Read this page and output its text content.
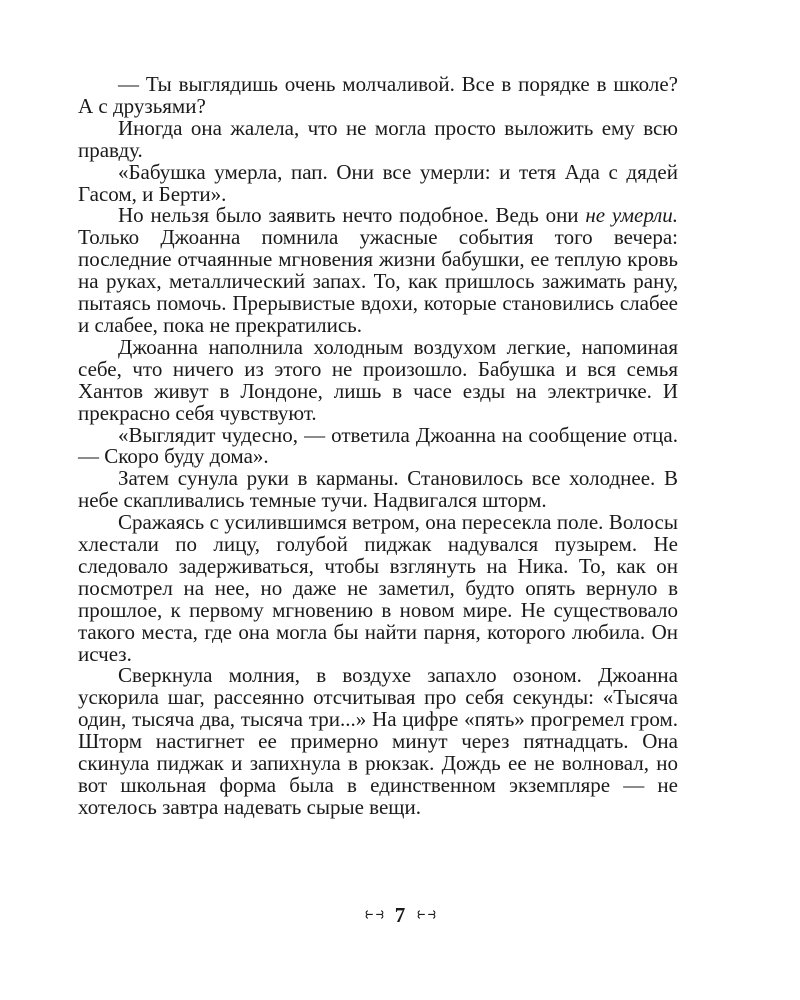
— Ты выглядишь очень молчаливой. Все в порядке в школе? А с друзьями?

Иногда она жалела, что не могла просто выложить ему всю правду.

«Бабушка умерла, пап. Они все умерли: и тетя Ада с дядей Гасом, и Берти».

Но нельзя было заявить нечто подобное. Ведь они не умерли. Только Джоанна помнила ужасные события того вечера: последние отчаянные мгновения жизни бабушки, ее теплую кровь на руках, металлический запах. То, как пришлось зажимать рану, пытаясь помочь. Прерывистые вдохи, которые становились слабее и слабее, пока не прекратились.

Джоанна наполнила холодным воздухом легкие, напоминая себе, что ничего из этого не произошло. Бабушка и вся семья Хантов живут в Лондоне, лишь в часе езды на электричке. И прекрасно себя чувствуют.

«Выглядит чудесно, — ответила Джоанна на сообщение отца. — Скоро буду дома».

Затем сунула руки в карманы. Становилось все холоднее. В небе скапливались темные тучи. Надвигался шторм.

Сражаясь с усилившимся ветром, она пересекла поле. Волосы хлестали по лицу, голубой пиджак надувался пузырем. Не следовало задерживаться, чтобы взглянуть на Ника. То, как он посмотрел на нее, но даже не заметил, будто опять вернуло в прошлое, к первому мгновению в новом мире. Не существовало такого места, где она могла бы найти парня, которого любила. Он исчез.

Сверкнула молния, в воздухе запахло озоном. Джоанна ускорила шаг, рассеянно отсчитывая про себя секунды: «Тысяча один, тысяча два, тысяча три...» На цифре «пять» прогремел гром. Шторм настигнет ее примерно минут через пятнадцать. Она скинула пиджак и запихнула в рюкзак. Дождь ее не волновал, но вот школьная форма была в единственном экземпляре — не хотелось завтра надевать сырые вещи.

⥼⥽ 7 ⥼⥽
